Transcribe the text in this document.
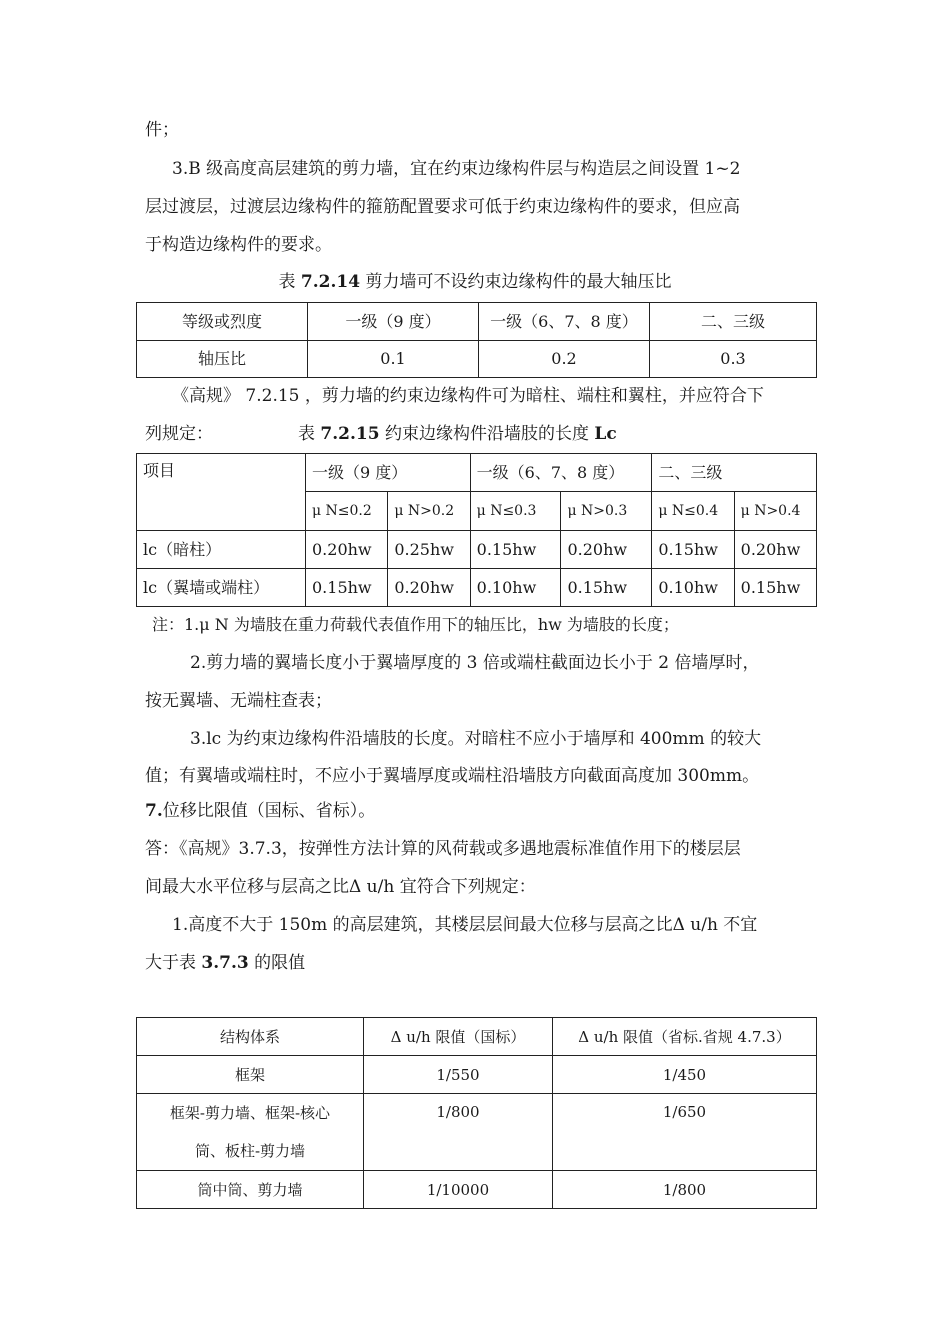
件；
3.B 级高度高层建筑的剪力墙，宜在约束边缘构件层与构造层之间设置 1~2
层过渡层，过渡层边缘构件的箍筋配置要求可低于约束边缘构件的要求，但应高
于构造边缘构件的要求。
表 7.2.14 剪力墙可不设约束边缘构件的最大轴压比
等级或烈度	一级（9 度）	一级（6、7、8 度）	二、三级
轴压比	0.1	0.2	0.3
《高规》 7.2.15 ，剪力墙的约束边缘构件可为暗柱、端柱和翼柱，并应符合下
列规定：	表 7.2.15 约束边缘构件沿墙肢的长度 Lc
项目	一级（9 度）		一级（6、7、8 度）		二、三级	
	μ N≤0.2	μ N>0.2	μ N≤0.3	μ N>0.3	μ N≤0.4	μ N>0.4
lc（暗柱）	0.20hw	0.25hw	0.15hw	0.20hw	0.15hw	0.20hw
lc（翼墙或端柱）	0.15hw	0.20hw	0.10hw	0.15hw	0.10hw	0.15hw
注：1.μ N 为墙肢在重力荷载代表值作用下的轴压比，hw 为墙肢的长度；
2.剪力墙的翼墙长度小于翼墙厚度的 3 倍或端柱截面边长小于 2 倍墙厚时，
按无翼墙、无端柱查表；
3.lc 为约束边缘构件沿墙肢的长度。对暗柱不应小于墙厚和 400mm 的较大
值；有翼墙或端柱时，不应小于翼墙厚度或端柱沿墙肢方向截面高度加 300mm。
7.位移比限值（国标、省标）。
答：《高规》3.7.3，按弹性方法计算的风荷载或多遇地震标准值作用下的楼层层
间最大水平位移与层高之比Δ u/h 宜符合下列规定：
1.高度不大于 150m 的高层建筑，其楼层层间最大位移与层高之比Δ u/h 不宜
大于表 3.7.3 的限值
结构体系	Δ u/h 限值（国标）	Δ u/h 限值（省标.省规 4.7.3）
框架	1/550	1/450

框架-剪力墙、框架-核心
筒、板柱-剪力墙	1/800	1/650
筒中筒、剪力墙	1/10000	1/800
